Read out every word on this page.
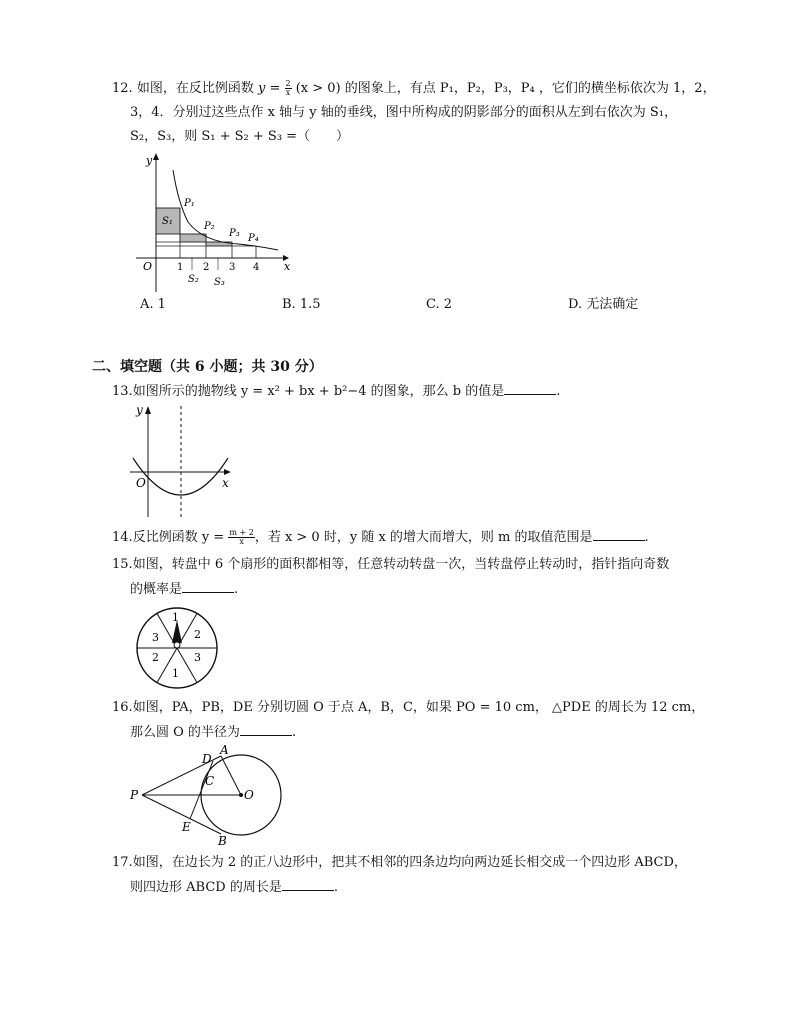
12. 如图，在反比例函数 $y = \frac{2}{x} (x > 0)$ 的图象上，有点 P₁，P₂，P₃，P₄ ，它们的横坐标依次为 1，2，
3，4．分别过这些点作 x 轴与 y 轴的垂线，图中所构成的阴影部分的面积从左到右依次为 S₁，
S₂，S₃，则 S₁ + S₂ + S₃ =（　　）
y
x
O 1 2 3 4
P₁
P₂
P₃ P₄
S₁
S₂ S₃
A. 1	B. 1.5	C. 2	D. 无法确定
二、填空题（共 6 小题；共 30 分）
13.如图所示的抛物线 y = x² + bx + b²−4 的图象，那么 b 的值是	.
y
x
O
14.反比例函数 $y = \frac{m + 2}{x}$ ，若 x > 0 时，y 随 x 的增大而增大，则 m 的取值范围是	.
15.如图，转盘中 6 个扇形的面积都相等，任意转动转盘一次，当转盘停止转动时，指针指向奇数
的概率是	.
1
2
3
1
2
3
16.如图，PA，PB，DE 分别切圆 O 于点 A，B，C，如果 PO = 10 cm， △PDE 的周长为 12 cm，
那么圆 O 的半径为	.
P
A
D
C
O
E
B
17.如图，在边长为 2 的正八边形中，把其不相邻的四条边均向两边延长相交成一个四边形 ABCD，
则四边形 ABCD 的周长是	.
